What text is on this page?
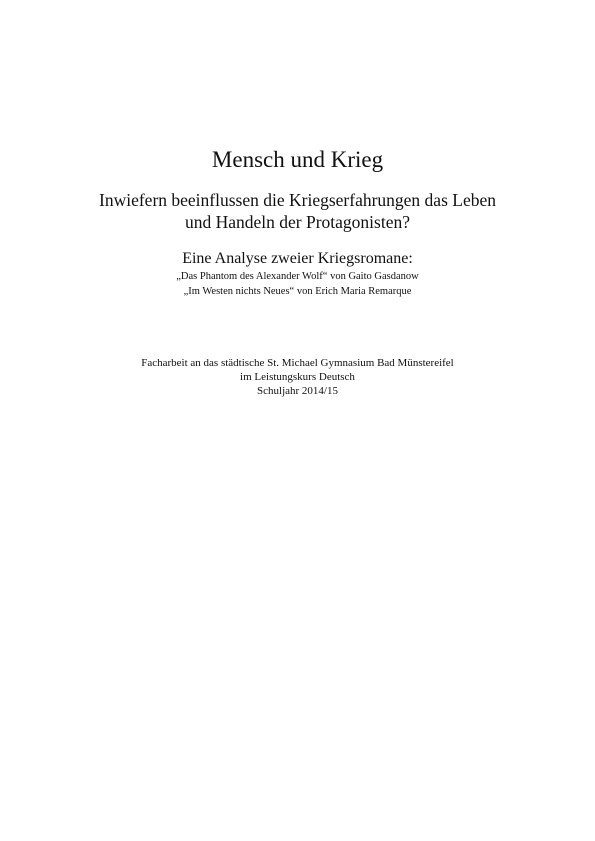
Mensch und Krieg
Inwiefern beeinflussen die Kriegserfahrungen das Leben
und Handeln der Protagonisten?

Eine Analyse zweier Kriegsromane:

„Das Phantom des Alexander Wolf“ von Gaito Gasdanow

„Im Westen nichts Neues“ von Erich Maria Remarque

Facharbeit an das städtische St. Michael Gymnasium Bad Münstereifel

im Leistungskurs Deutsch

Schuljahr 2014/15
